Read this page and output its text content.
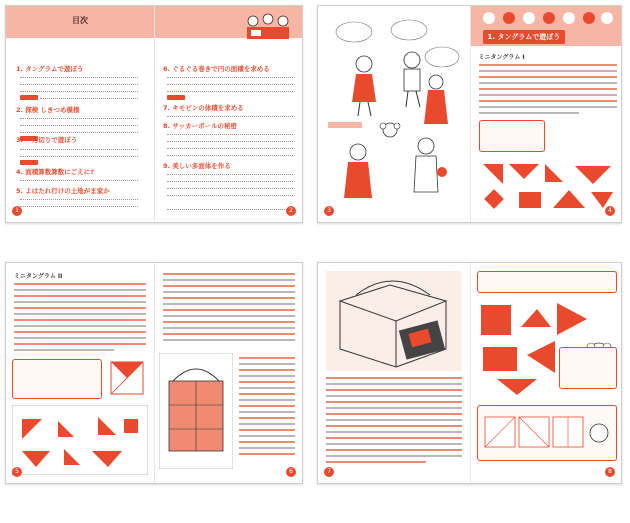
目次
1. タングラムで遊ぼう
2. 探検 しきつめ模様
3. 一刀切りで遊ぼう
4. 面積算数算数にごえに?
5. よはたれ行けの土地がま家か
1
6. ぐるぐる巻きで円の面積を求める
7. キモピンの体積を求める
8. サッカーボールの秘密
9. 美しい多面体を作る
2	3
1. タングラムで遊ぼう
ミニタングラム I
4
ミニタングラム II
5	6	7	8
